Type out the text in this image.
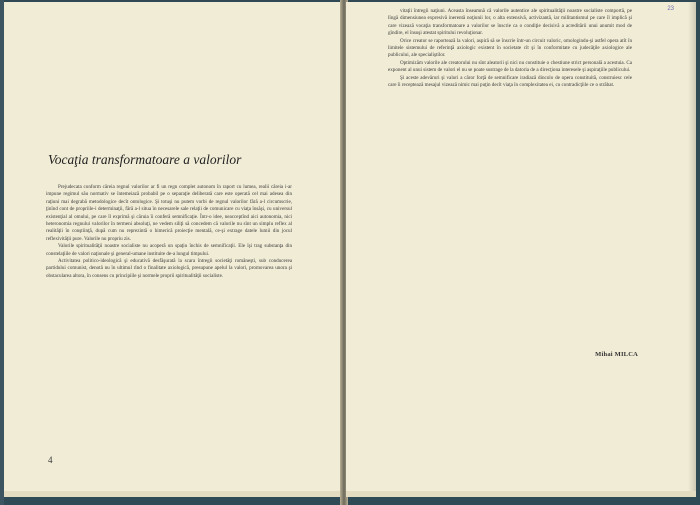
Vocaţia transformatoare a valorilor

Prejudecata conform căreia regnul valorilor ar fi un regn complet autonom în raport cu lumea, realii căreia i-ar impune regimul său normativ se întemeiază probabil pe o separaţie deliberată care este operată cel mai adesea din raţiuni mai degrabă metodologice decît ontologice. Şi totuşi nu putem vorbi de regnul valorilor fără a-l circumscrie, ţinînd cont de propriile-i determinaţii, fără a-l situa în necesarele sale relaţii de comunicare cu viaţa însăşi, cu universul existenţial al omului, pe care îl exprimă şi căruia îi conferă semnificaţie. Într-o idee, neacceptînd aici autonomia, nici heteronomia regnului valorilor în termeni absoluţi, ne vedem siliţi să concedem că valorile nu sînt un simplu reflex al realităţii în conştiinţă, după cum nu reprezintă o himerică proiecţie mentală, ce-şi extrage datele lumii din jocul reflexivităţii pure. Valorile nu propriu zis.

Valorile spiritualităţii noastre socialiste nu acoperă un spaţiu închis de semnificaţii. Ele îşi trag substanţa din constelaţiile de valori naţionale şi general-umane instituite de-a lungul timpului.

Activitatea politico-ideologică şi educativă desfăşurată la scara întregii societăţi româneşti, sub conducerea partidului comunist, denotă nu în ultimul rînd o finalitate axiologică, presupune apelul la valori, promovarea unora şi obstacularea altora, în consens cu principiile şi normele proprii spiritualităţii socialiste.

4
23

vitaţii întregii naţiuni. Aceasta înseamnă că valorile autentice ale spiritualităţii noastre socialiste comportă, pe lîngă dimensiunea expresivă inerentă noţiunii lor, o alta extensivă, activizantă, iar militantismul pe care îl implică şi care vizează vocaţia transformatoare a valorilor se înscrie ca o condiţie decisivă a acreditării unui anumit mod de gîndire, el însuşi atestat spiritului revoluţionar.

Orice creator se raportează la valori, aspiră să se înscrie într-un circuit valoric, omologindu-şi astfel opera atît în limitele sistemului de referinţă axiologic existent în societate cît şi în conformitate cu judecăţile axiologice ale publicului, ale specialiştilor.

Optimizăm valorile ale creatorului nu sînt aleatorii şi nici nu constituie o chestiune strict personală a acestuia. Ca exponent al unui sistem de valori el nu se poate sustrage de la datoria de a direcţiona interesele şi aspiraţiile publicului.

Şi aceste adevăruri şi valori a căror forţă de semnificare iradiază dincolo de opera constituită, construiesc cele care îi receptează mesajul vizează nimic mai puţin decît viaţa în complexitatea ei, cu contradicţiile ce o străbat.

Mihai MILCA
